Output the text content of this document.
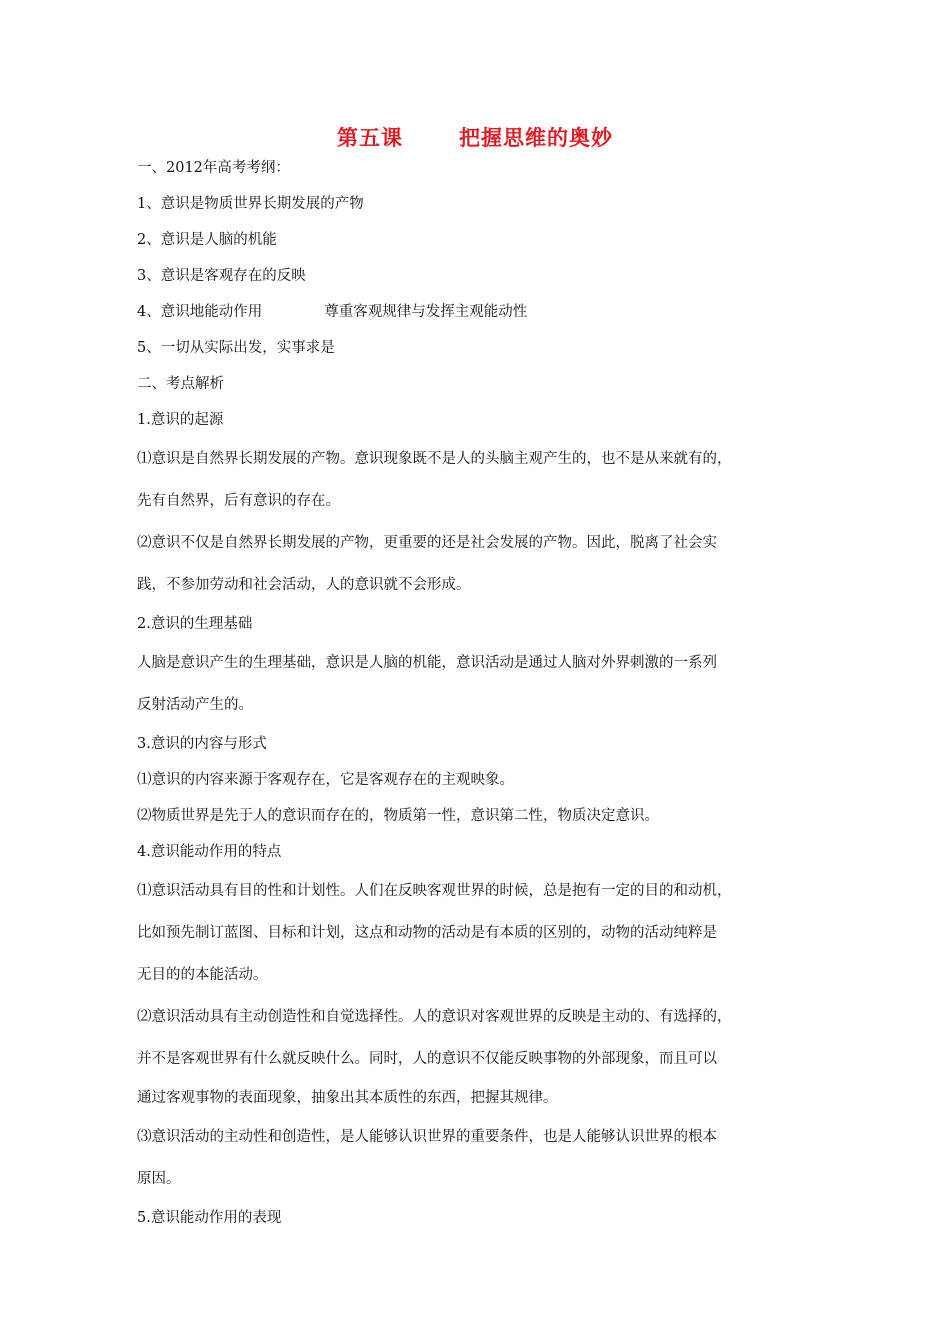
第五课	把握思维的奥妙
一、2012年高考考纲：
1、意识是物质世界长期发展的产物
2、意识是人脑的机能
3、意识是客观存在的反映
4、意识地能动作用	尊重客观规律与发挥主观能动性
5、一切从实际出发，实事求是
二、考点解析
1.意识的起源
⑴意识是自然界长期发展的产物。意识现象既不是人的头脑主观产生的，也不是从来就有的，
先有自然界，后有意识的存在。
⑵意识不仅是自然界长期发展的产物，更重要的还是社会发展的产物。因此，脱离了社会实
践，不参加劳动和社会活动，人的意识就不会形成。
2.意识的生理基础
人脑是意识产生的生理基础，意识是人脑的机能，意识活动是通过人脑对外界刺激的一系列
反射活动产生的。
3.意识的内容与形式
⑴意识的内容来源于客观存在，它是客观存在的主观映象。
⑵物质世界是先于人的意识而存在的，物质第一性，意识第二性，物质决定意识。
4.意识能动作用的特点
⑴意识活动具有目的性和计划性。人们在反映客观世界的时候，总是抱有一定的目的和动机，
比如预先制订蓝图、目标和计划，这点和动物的活动是有本质的区别的，动物的活动纯粹是
无目的的本能活动。
⑵意识活动具有主动创造性和自觉选择性。人的意识对客观世界的反映是主动的、有选择的，
并不是客观世界有什么就反映什么。同时，人的意识不仅能反映事物的外部现象，而且可以
通过客观事物的表面现象，抽象出其本质性的东西，把握其规律。
⑶意识活动的主动性和创造性，是人能够认识世界的重要条件，也是人能够认识世界的根本
原因。
5.意识能动作用的表现
